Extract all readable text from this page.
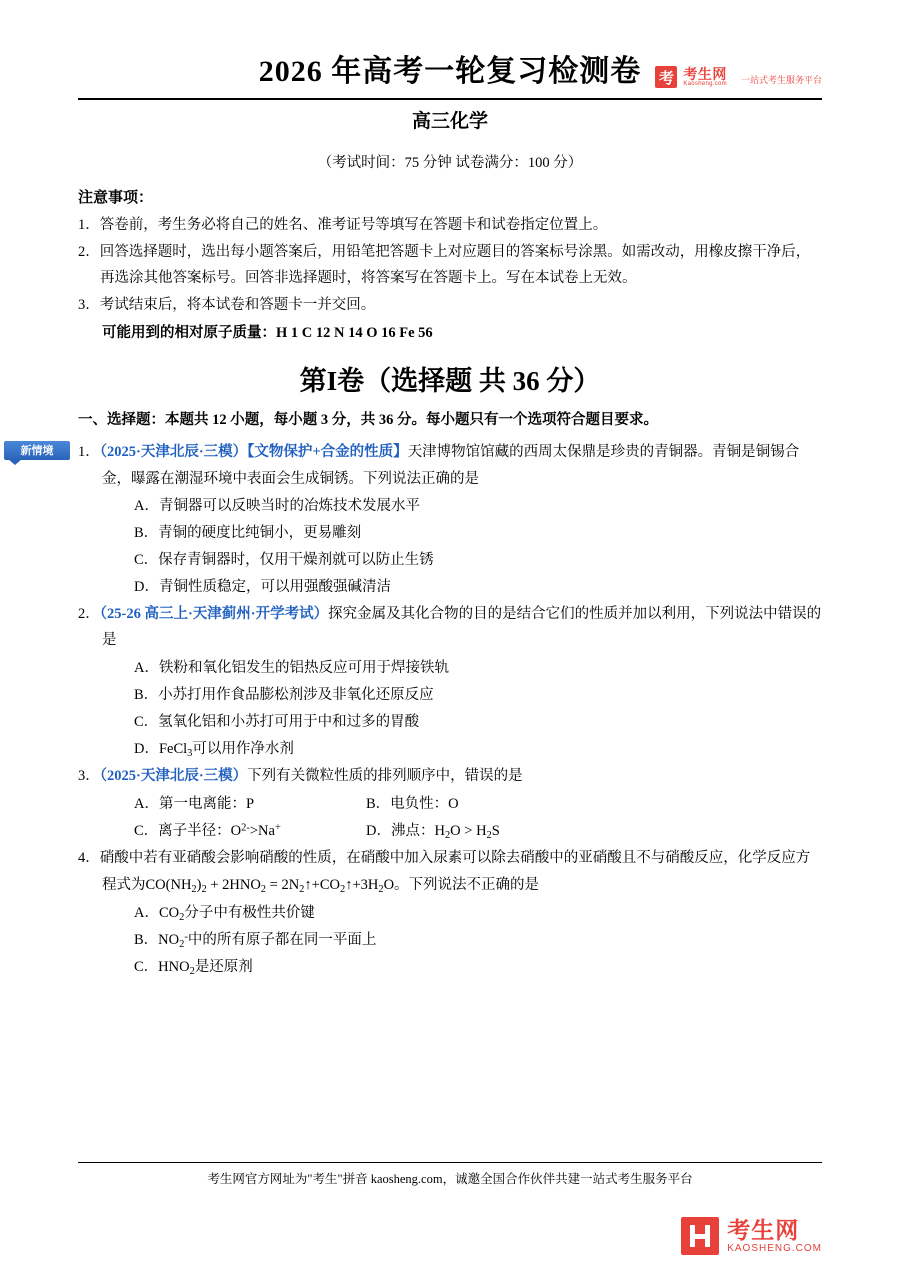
考 考生网
Kaosheng.com 一站式考生服务平台
2026 年高考一轮复习检测卷
高三化学

（考试时间：75 分钟 试卷满分：100 分）

注意事项：

1．答卷前，考生务必将自己的姓名、准考证号等填写在答题卡和试卷指定位置上。

2．回答选择题时，选出每小题答案后，用铅笔把答题卡上对应题目的答案标号涂黑。如需改动，用橡皮擦干净后，再选涂其他答案标号。回答非选择题时，将答案写在答题卡上。写在本试卷上无效。

3．考试结束后，将本试卷和答题卡一并交回。

可能用到的相对原子质量：H 1 C 12 N 14 O 16 Fe 56

第I卷（选择题 共 36 分）

一、选择题：本题共 12 小题，每小题 3 分，共 36 分。每小题只有一个选项符合题目要求。

新情境	1．（2025·天津北辰·三模）【文物保护+合金的性质】天津博物馆馆藏的西周太保鼎是珍贵的青铜器。青铜是铜锡合金，曝露在潮湿环境中表面会生成铜锈。下列说法正确的是

A．青铜器可以反映当时的冶炼技术发展水平

B．青铜的硬度比纯铜小，更易雕刻

C．保存青铜器时，仅用干燥剂就可以防止生锈

D．青铜性质稳定，可以用强酸强碱清洁

2．（25-26 高三上·天津蓟州·开学考试）探究金属及其化合物的目的是结合它们的性质并加以利用，下列说法中错误的是

A．铁粉和氧化铝发生的铝热反应可用于焊接铁轨

B．小苏打用作食品膨松剂涉及非氧化还原反应

C．氢氧化铝和小苏打可用于中和过多的胃酸

D．FeCl$_3$可以用作净水剂

3．（2025·天津北辰·三模）下列有关微粒性质的排列顺序中，错误的是

A．第一电离能：P	B．电负性：O
C．离子半径：$O^{2-}>Na^+$	D．沸点：$H_2O > H_2S$

4．硝酸中若有亚硝酸会影响硝酸的性质，在硝酸中加入尿素可以除去硝酸中的亚硝酸且不与硝酸反应，化学反应方程式为$CO(NH_2)_2 + 2HNO_2$ = $2N_2↑+CO_2↑+3H_2O$。下列说法不正确的是

A．$CO_2$分子中有极性共价键

B．$NO_2^-$中的所有原子都在同一平面上

C．$HNO_2$是还原剂

考生网官方网址为"考生"拼音 kaosheng.com，诚邀全国合作伙伴共建一站式考生服务平台
考生网
KAOSHENG.COM
